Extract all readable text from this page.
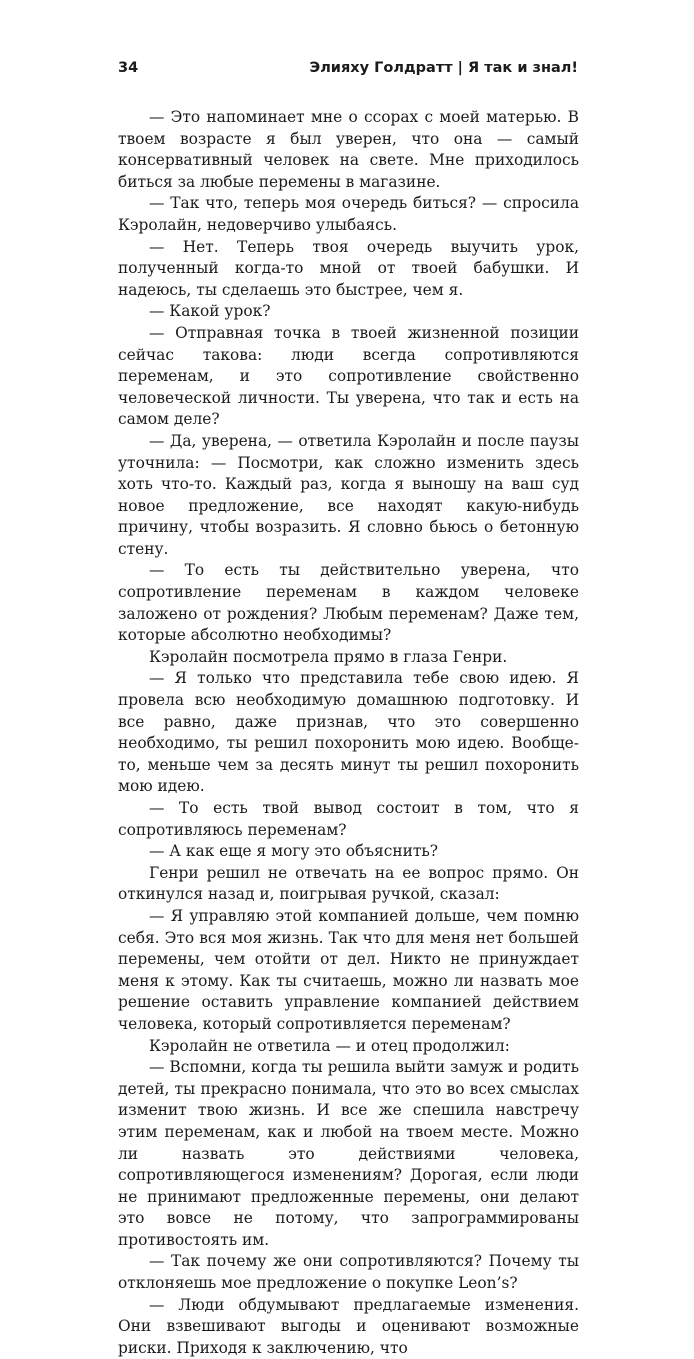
34	Элияху Голдратт | Я так и знал!

— Это напоминает мне о ссорах с моей матерью. В твоем возрасте я был уверен, что она — самый консервативный человек на свете. Мне приходилось биться за любые перемены в магазине.

— Так что, теперь моя очередь биться? — спросила Кэролайн, недоверчиво улыбаясь.

— Нет. Теперь твоя очередь выучить урок, полученный когда-то мной от твоей бабушки. И надеюсь, ты сделаешь это быстрее, чем я.

— Какой урок?

— Отправная точка в твоей жизненной позиции сейчас такова: люди всегда сопротивляются переменам, и это сопротивление свойственно человеческой личности. Ты уверена, что так и есть на самом деле?

— Да, уверена, — ответила Кэролайн и после паузы уточнила: — Посмотри, как сложно изменить здесь хоть что-то. Каждый раз, когда я выношу на ваш суд новое предложение, все находят какую-нибудь причину, чтобы возразить. Я словно бьюсь о бетонную стену.

— То есть ты действительно уверена, что сопротивление переменам в каждом человеке заложено от рождения? Любым переменам? Даже тем, которые абсолютно необходимы?

Кэролайн посмотрела прямо в глаза Генри.

— Я только что представила тебе свою идею. Я провела всю необходимую домашнюю подготовку. И все равно, даже признав, что это совершенно необходимо, ты решил похоронить мою идею. Вообще-то, меньше чем за десять минут ты решил похоронить мою идею.

— То есть твой вывод состоит в том, что я сопротивляюсь переменам?

— А как еще я могу это объяснить?

Генри решил не отвечать на ее вопрос прямо. Он откинулся назад и, поигрывая ручкой, сказал:

— Я управляю этой компанией дольше, чем помню себя. Это вся моя жизнь. Так что для меня нет большей перемены, чем отойти от дел. Никто не принуждает меня к этому. Как ты считаешь, можно ли назвать мое решение оставить управление компанией действием человека, который сопротивляется переменам?

Кэролайн не ответила — и отец продолжил:

— Вспомни, когда ты решила выйти замуж и родить детей, ты прекрасно понимала, что это во всех смыслах изменит твою жизнь. И все же спешила навстречу этим переменам, как и любой на твоем месте. Можно ли назвать это действиями человека, сопротивляющегося изменениям? Дорогая, если люди не принимают предложенные перемены, они делают это вовсе не потому, что запрограммированы противостоять им.

— Так почему же они сопротивляются? Почему ты отклоняешь мое предложение о покупке Leon’s?

— Люди обдумывают предлагаемые изменения. Они взвешивают выгоды и оценивают возможные риски. Приходя к заключению, что
